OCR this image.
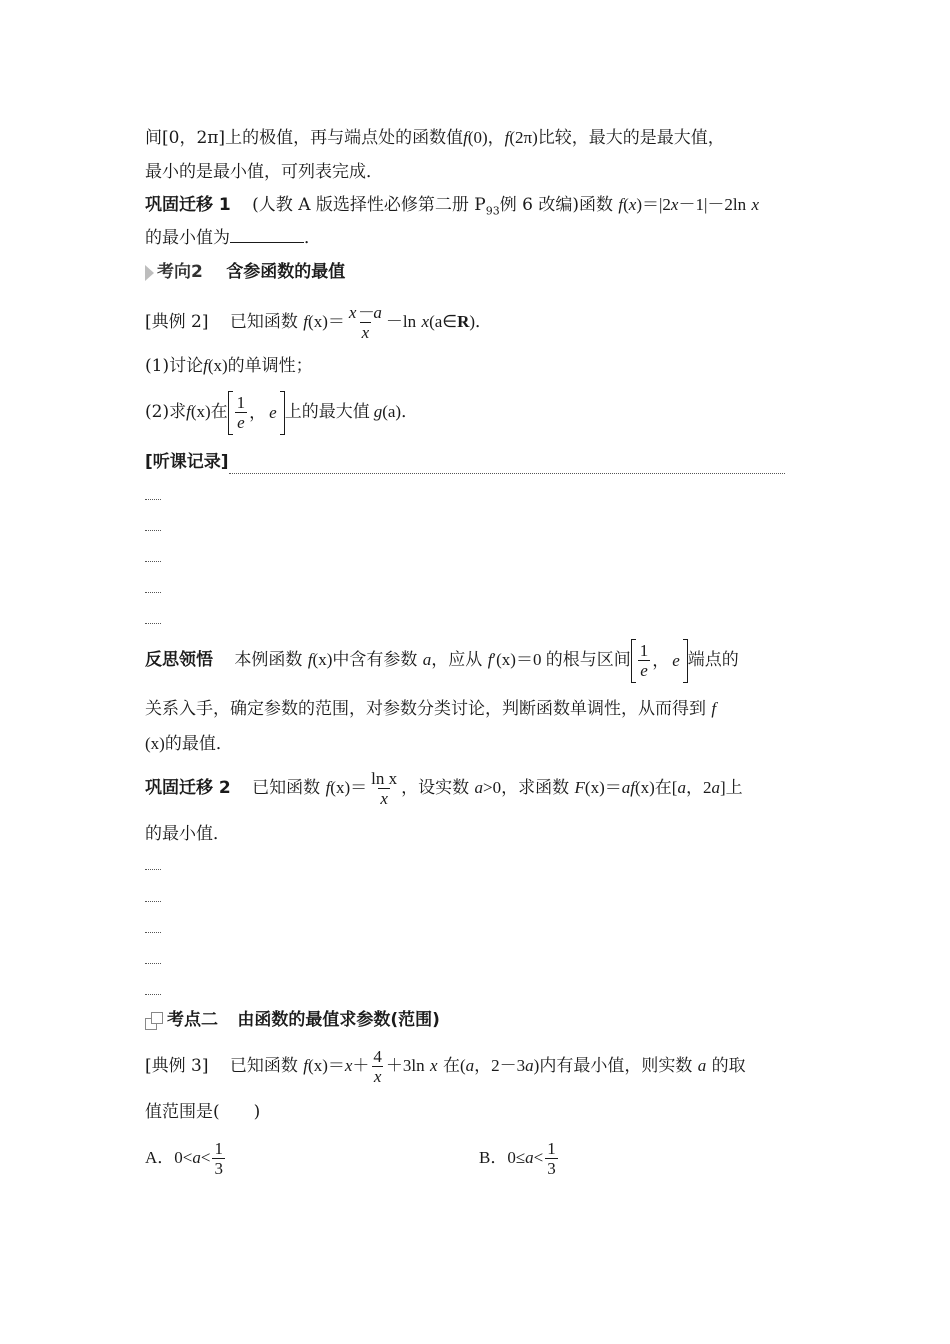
间[0，2π]上的极值，再与端点处的函数值f(0)，f(2π)比较，最大的是最大值，
最小的是最小值，可列表完成．
巩固迁移 1 (人教 A 版选择性必修第二册 $P_{93}$例 6 改编)函数 f(x)＝|2x－1|－2ln x
的最小值为	．
考向2 含参函数的最值
[典例 2] 已知函数 $f(x)= \frac{x-a}{x} -\ln$ x(a∈R)．
(1)讨论f(x)的单调性；
(2)求f(x)在 $\frac{1}{e}$ ， e 上的最大值 g(a)．
[听课记录]
反思领悟 本例函数 f(x)中含有参数 a，应从 f′(x)＝0 的根与区间 $\frac{1}{e}$ ， e 端点的
关系入手，确定参数的范围，对参数分类讨论，判断函数单调性，从而得到 f
(x)的最值．
巩固迁移 2 已知函数 $f(x)= \frac{\text{ln x}}{x}$ ，设实数 a>0，求函数 F(x)＝af(x)在[a，2a]上
的最小值．
考点二 由函数的最值求参数(范围)
[典例 3] 已知函数 $f(x)=x+ \frac{4}{x} +3\ln$ x 在(a，2－3a)内有最小值，则实数 a 的取
值范围是(　　)
A．$0<a< \frac{1}{3}$	B．$0\le a< \frac{1}{3}$
